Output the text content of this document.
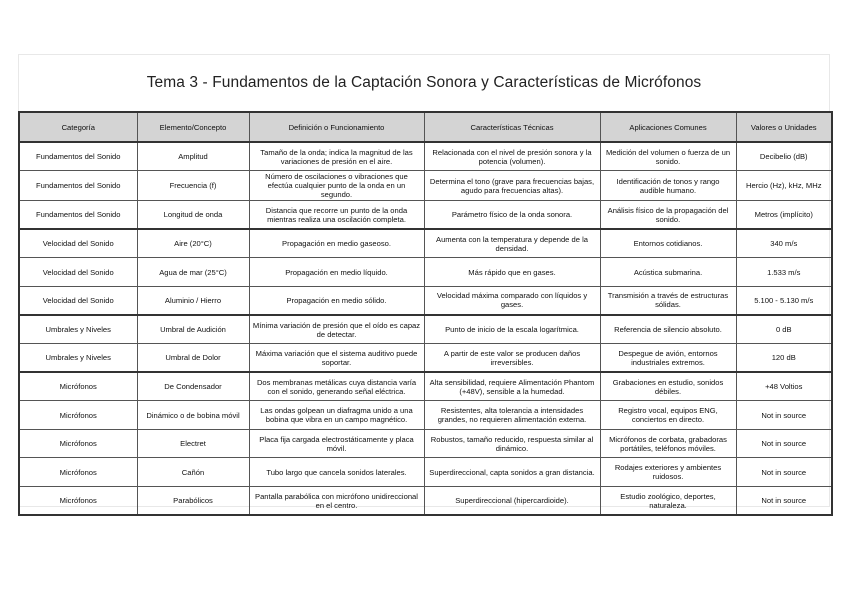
Tema 3 - Fundamentos de la Captación Sonora y Características de Micrófonos
Categoría	Elemento/Concepto	Definición o Funcionamiento	Características Técnicas	Aplicaciones Comunes	Valores o Unidades
Fundamentos del Sonido	Amplitud	Tamaño de la onda; indica la magnitud de las variaciones de presión en el aire.	Relacionada con el nivel de presión sonora y la potencia (volumen).	Medición del volumen o fuerza de un sonido.	Decibelio (dB)
Fundamentos del Sonido	Frecuencia (f)	Número de oscilaciones o vibraciones que efectúa cualquier punto de la onda en un segundo.	Determina el tono (grave para frecuencias bajas, agudo para frecuencias altas).	Identificación de tonos y rango audible humano.	Hercio (Hz), kHz, MHz
Fundamentos del Sonido	Longitud de onda	Distancia que recorre un punto de la onda mientras realiza una oscilación completa.	Parámetro físico de la onda sonora.	Análisis físico de la propagación del sonido.	Metros (implícito)
Velocidad del Sonido	Aire (20°C)	Propagación en medio gaseoso.	Aumenta con la temperatura y depende de la densidad.	Entornos cotidianos.	340 m/s
Velocidad del Sonido	Agua de mar (25°C)	Propagación en medio líquido.	Más rápido que en gases.	Acústica submarina.	1.533 m/s
Velocidad del Sonido	Aluminio / Hierro	Propagación en medio sólido.	Velocidad máxima comparado con líquidos y gases.	Transmisión a través de estructuras sólidas.	5.100 - 5.130 m/s
Umbrales y Niveles	Umbral de Audición	Mínima variación de presión que el oído es capaz de detectar.	Punto de inicio de la escala logarítmica.	Referencia de silencio absoluto.	0 dB
Umbrales y Niveles	Umbral de Dolor	Máxima variación que el sistema auditivo puede soportar.	A partir de este valor se producen daños irreversibles.	Despegue de avión, entornos industriales extremos.	120 dB
Micrófonos	De Condensador	Dos membranas metálicas cuya distancia varía con el sonido, generando señal eléctrica.	Alta sensibilidad, requiere Alimentación Phantom (+48V), sensible a la humedad.	Grabaciones en estudio, sonidos débiles.	+48 Voltios
Micrófonos	Dinámico o de bobina móvil	Las ondas golpean un diafragma unido a una bobina que vibra en un campo magnético.	Resistentes, alta tolerancia a intensidades grandes, no requieren alimentación externa.	Registro vocal, equipos ENG, conciertos en directo.	Not in source
Micrófonos	Electret	Placa fija cargada electrostáticamente y placa móvil.	Robustos, tamaño reducido, respuesta similar al dinámico.	Micrófonos de corbata, grabadoras portátiles, teléfonos móviles.	Not in source
Micrófonos	Cañón	Tubo largo que cancela sonidos laterales.	Superdireccional, capta sonidos a gran distancia.	Rodajes exteriores y ambientes ruidosos.	Not in source
Micrófonos	Parabólicos	Pantalla parabólica con micrófono unidireccional en el centro.	Superdireccional (hipercardioide).	Estudio zoológico, deportes, naturaleza.	Not in source
